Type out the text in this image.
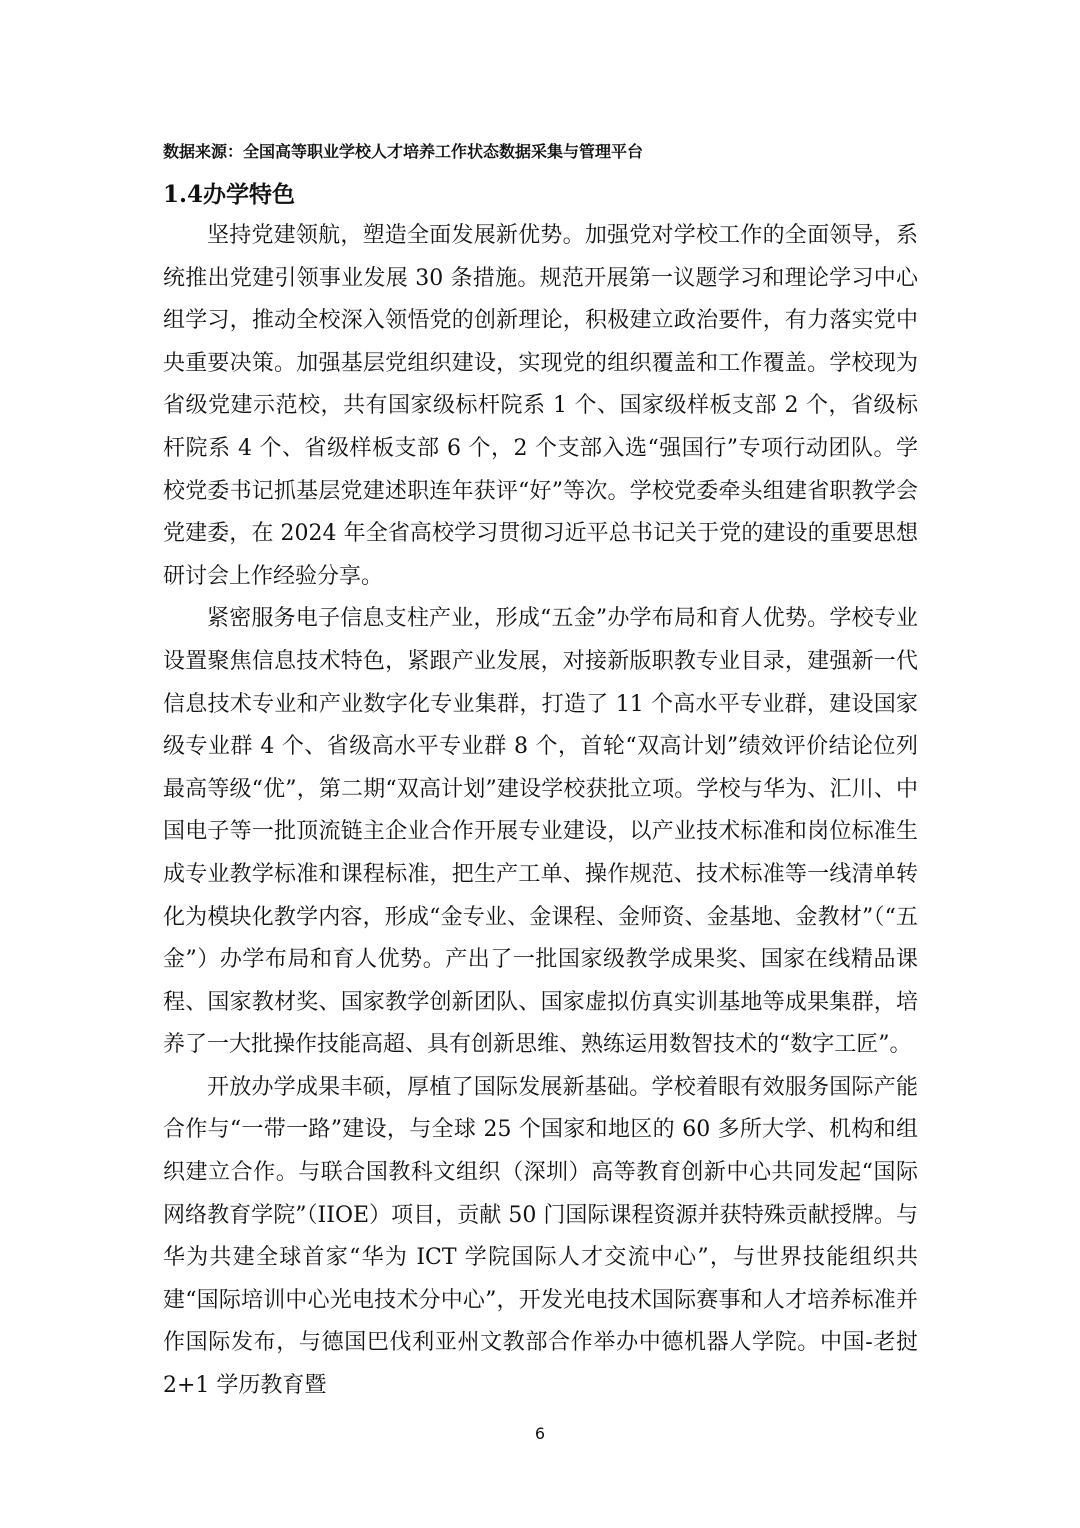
数据来源：全国高等职业学校人才培养工作状态数据采集与管理平台
1.4办学特色

坚持党建领航，塑造全面发展新优势。加强党对学校工作的全面领导，系统推出党建引领事业发展 30 条措施。规范开展第一议题学习和理论学习中心组学习，推动全校深入领悟党的创新理论，积极建立政治要件，有力落实党中央重要决策。加强基层党组织建设，实现党的组织覆盖和工作覆盖。学校现为省级党建示范校，共有国家级标杆院系 1 个、国家级样板支部 2 个，省级标杆院系 4 个、省级样板支部 6 个，2 个支部入选“强国行”专项行动团队。学校党委书记抓基层党建述职连年获评“好”等次。学校党委牵头组建省职教学会党建委，在 2024 年全省高校学习贯彻习近平总书记关于党的建设的重要思想研讨会上作经验分享。

紧密服务电子信息支柱产业，形成“五金”办学布局和育人优势。学校专业设置聚焦信息技术特色，紧跟产业发展，对接新版职教专业目录，建强新一代信息技术专业和产业数字化专业集群，打造了 11 个高水平专业群，建设国家级专业群 4 个、省级高水平专业群 8 个，首轮“双高计划”绩效评价结论位列最高等级“优”，第二期“双高计划”建设学校获批立项。学校与华为、汇川、中国电子等一批顶流链主企业合作开展专业建设，以产业技术标准和岗位标准生成专业教学标准和课程标准，把生产工单、操作规范、技术标准等一线清单转化为模块化教学内容，形成“金专业、金课程、金师资、金基地、金教材”（“五金”）办学布局和育人优势。产出了一批国家级教学成果奖、国家在线精品课程、国家教材奖、国家教学创新团队、国家虚拟仿真实训基地等成果集群，培养了一大批操作技能高超、具有创新思维、熟练运用数智技术的“数字工匠”。

开放办学成果丰硕，厚植了国际发展新基础。学校着眼有效服务国际产能合作与“一带一路”建设，与全球 25 个国家和地区的 60 多所大学、机构和组织建立合作。与联合国教科文组织（深圳）高等教育创新中心共同发起“国际网络教育学院”（IIOE）项目，贡献 50 门国际课程资源并获特殊贡献授牌。与华为共建全球首家“华为 ICT 学院国际人才交流中心”，与世界技能组织共建“国际培训中心光电技术分中心”，开发光电技术国际赛事和人才培养标准并作国际发布，与德国巴伐利亚州文教部合作举办中德机器人学院。中国-老挝 2+1 学历教育暨

6
